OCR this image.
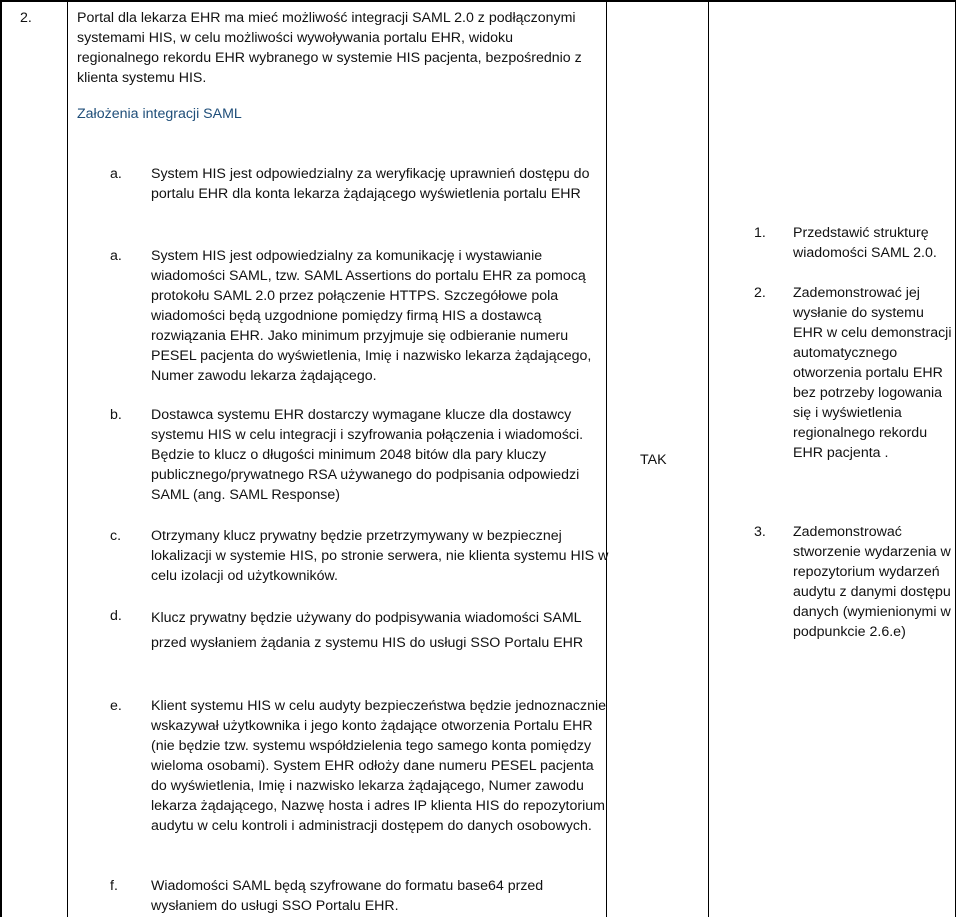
2.	Portal dla lekarza EHR ma mieć możliwość integracji SAML 2.0 z podłączonymi systemami HIS, w celu możliwości wywoływania portalu EHR, widoku regionalnego rekordu EHR wybranego w systemie HIS pacjenta, bezpośrednio z klienta systemu HIS.

Założenia integracji SAML
a. System HIS jest odpowiedzialny za weryfikację uprawnień dostępu do portalu EHR dla konta lekarza żądającego wyświetlenia portalu EHR
a. System HIS jest odpowiedzialny za komunikację i wystawianie wiadomości SAML, tzw. SAML Assertions do portalu EHR za pomocą protokołu SAML 2.0 przez połączenie HTTPS. Szczegółowe pola wiadomości będą uzgodnione pomiędzy firmą HIS a dostawcą rozwiązania EHR. Jako minimum przyjmuje się odbieranie numeru PESEL pacjenta do wyświetlenia, Imię i nazwisko lekarza żądającego, Numer zawodu lekarza żądającego.
b. Dostawca systemu EHR dostarczy wymagane klucze dla dostawcy systemu HIS w celu integracji i szyfrowania połączenia i wiadomości. Będzie to klucz o długości minimum 2048 bitów dla pary kluczy publicznego/prywatnego RSA używanego do podpisania odpowiedzi SAML (ang. SAML Response)
c. Otrzymany klucz prywatny będzie przetrzymywany w bezpiecznej lokalizacji w systemie HIS, po stronie serwera, nie klienta systemu HIS w celu izolacji od użytkowników.
d. Klucz prywatny będzie używany do podpisywania wiadomości SAML przed wysłaniem żądania z systemu HIS do usługi SSO Portalu EHR
e. Klient systemu HIS w celu audyty bezpieczeństwa będzie jednoznacznie wskazywał użytkownika i jego konto żądające otworzenia Portalu EHR (nie będzie tzw. systemu współdzielenia tego samego konta pomiędzy wieloma osobami). System EHR odłoży dane numeru PESEL pacjenta do wyświetlenia, Imię i nazwisko lekarza żądającego, Numer zawodu lekarza żądającego, Nazwę hosta i adres IP klienta HIS do repozytorium audytu w celu kontroli i administracji dostępem do danych osobowych.
f. Wiadomości SAML będą szyfrowane do formatu base64 przed wysłaniem do usługi SSO Portalu EHR.
TAK
1. Przedstawić strukturę wiadomości SAML 2.0.
2. Zademonstrować jej wysłanie do systemu EHR w celu demonstracji automatycznego otworzenia portalu EHR bez potrzeby logowania się i wyświetlenia regionalnego rekordu EHR pacjenta .
3. Zademonstrować stworzenie wydarzenia w repozytorium wydarzeń audytu z danymi dostępu danych (wymienionymi w podpunkcie 2.6.e)
